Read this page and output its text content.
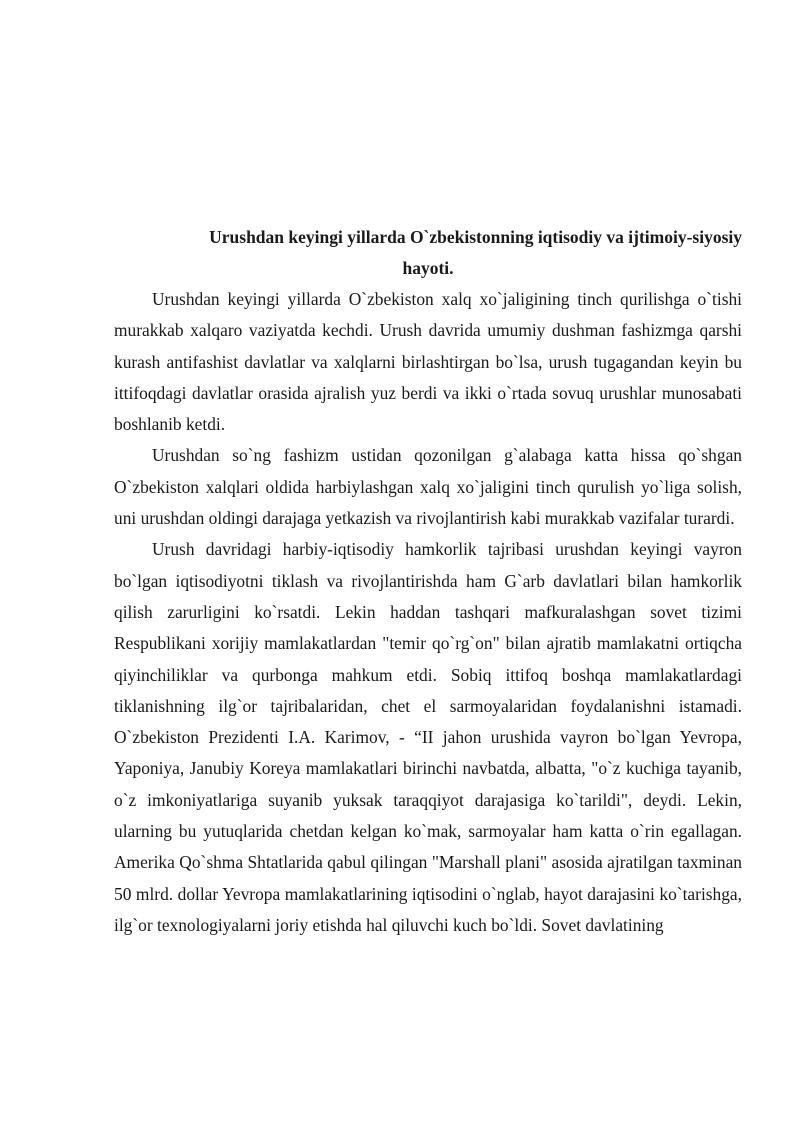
Urushdan keyingi yillarda O`zbekistonning iqtisodiy va ijtimoiy-siyosiy
hayoti.

Urushdan keyingi yillarda O`zbekiston xalq xo`jaligining tinch qurilishga o`tishi murakkab xalqaro vaziyatda kechdi. Urush davrida umumiy dushman fashizmga qarshi kurash antifashist davlatlar va xalqlarni birlashtirgan bo`lsa, urush tugagandan keyin bu ittifoqdagi davlatlar orasida ajralish yuz berdi va ikki o`rtada sovuq urushlar munosabati boshlanib ketdi.

Urushdan so`ng fashizm ustidan qozonilgan g`alabaga katta hissa qo`shgan O`zbekiston xalqlari oldida harbiylashgan xalq xo`jaligini tinch qurulish yo`liga solish, uni urushdan oldingi darajaga yetkazish va rivojlantirish kabi murakkab vazifalar turardi.

Urush davridagi harbiy-iqtisodiy hamkorlik tajribasi urushdan keyingi vayron bo`lgan iqtisodiyotni tiklash va rivojlantirishda ham G`arb davlatlari bilan hamkorlik qilish zarurligini ko`rsatdi. Lekin haddan tashqari mafkuralashgan sovet tizimi Respublikani xorijiy mamlakatlardan "temir qo`rg`on" bilan ajratib mamlakatni ortiqcha qiyinchiliklar va qurbonga mahkum etdi. Sobiq ittifoq boshqa mamlakatlardagi tiklanishning ilg`or tajribalaridan, chet el sarmoyalaridan foydalanishni istamadi. O`zbekiston Prezidenti I.A. Karimov, - “II jahon urushida vayron bo`lgan Yevropa, Yaponiya, Janubiy Koreya mamlakatlari birinchi navbatda, albatta, "o`z kuchiga tayanib, o`z imkoniyatlariga suyanib yuksak taraqqiyot darajasiga ko`tarildi", deydi. Lekin, ularning bu yutuqlarida chetdan kelgan ko`mak, sarmoyalar ham katta o`rin egallagan. Amerika Qo`shma Shtatlarida qabul qilingan "Marshall plani" asosida ajratilgan taxminan 50 mlrd. dollar Yevropa mamlakatlarining iqtisodini o`nglab, hayot darajasini ko`tarishga, ilg`or texnologiyalarni joriy etishda hal qiluvchi kuch bo`ldi. Sovet davlatining
